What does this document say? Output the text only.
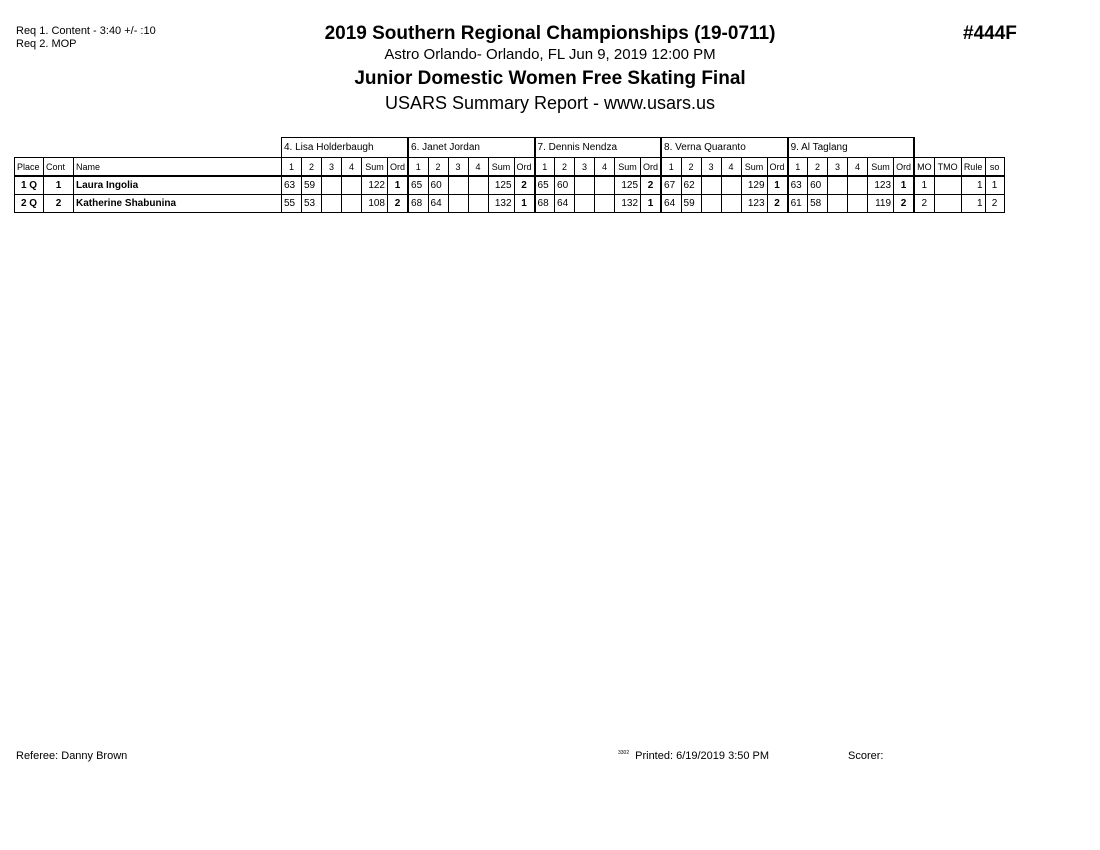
Req 1. Content - 3:40 +/- :10
Req 2. MOP	2019 Southern Regional Championships (19-0711)
Astro Orlando- Orlando, FL Jun 9, 2019 12:00 PM
Junior Domestic Women Free Skating Final
USARS Summary Report - www.usars.us
#444F
			4. Lisa Holderbaugh						6. Janet Jordan						7. Dennis Nendza						8. Verna Quaranto						9. Al Taglang									
Place	Cont	Name	1	2	3	4	Sum	Ord	1	2	3	4	Sum	Ord	1	2	3	4	Sum	Ord	1	2	3	4	Sum	Ord	1	2	3	4	Sum	Ord	MO	TMO	Rule	so
1 Q	1	Laura Ingolia	63	59			122	1	65	60			125	2	65	60			125	2	67	62			129	1	63	60			123	1	1		1	1
2 Q	2	Katherine Shabunina	55	53			108	2	68	64			132	1	68	64			132	1	64	59			123	2	61	58			119	2	2		1	2
Referee: Danny Brown	$^{3302}$ Printed: 6/19/2019 3:50 PM	Scorer:
